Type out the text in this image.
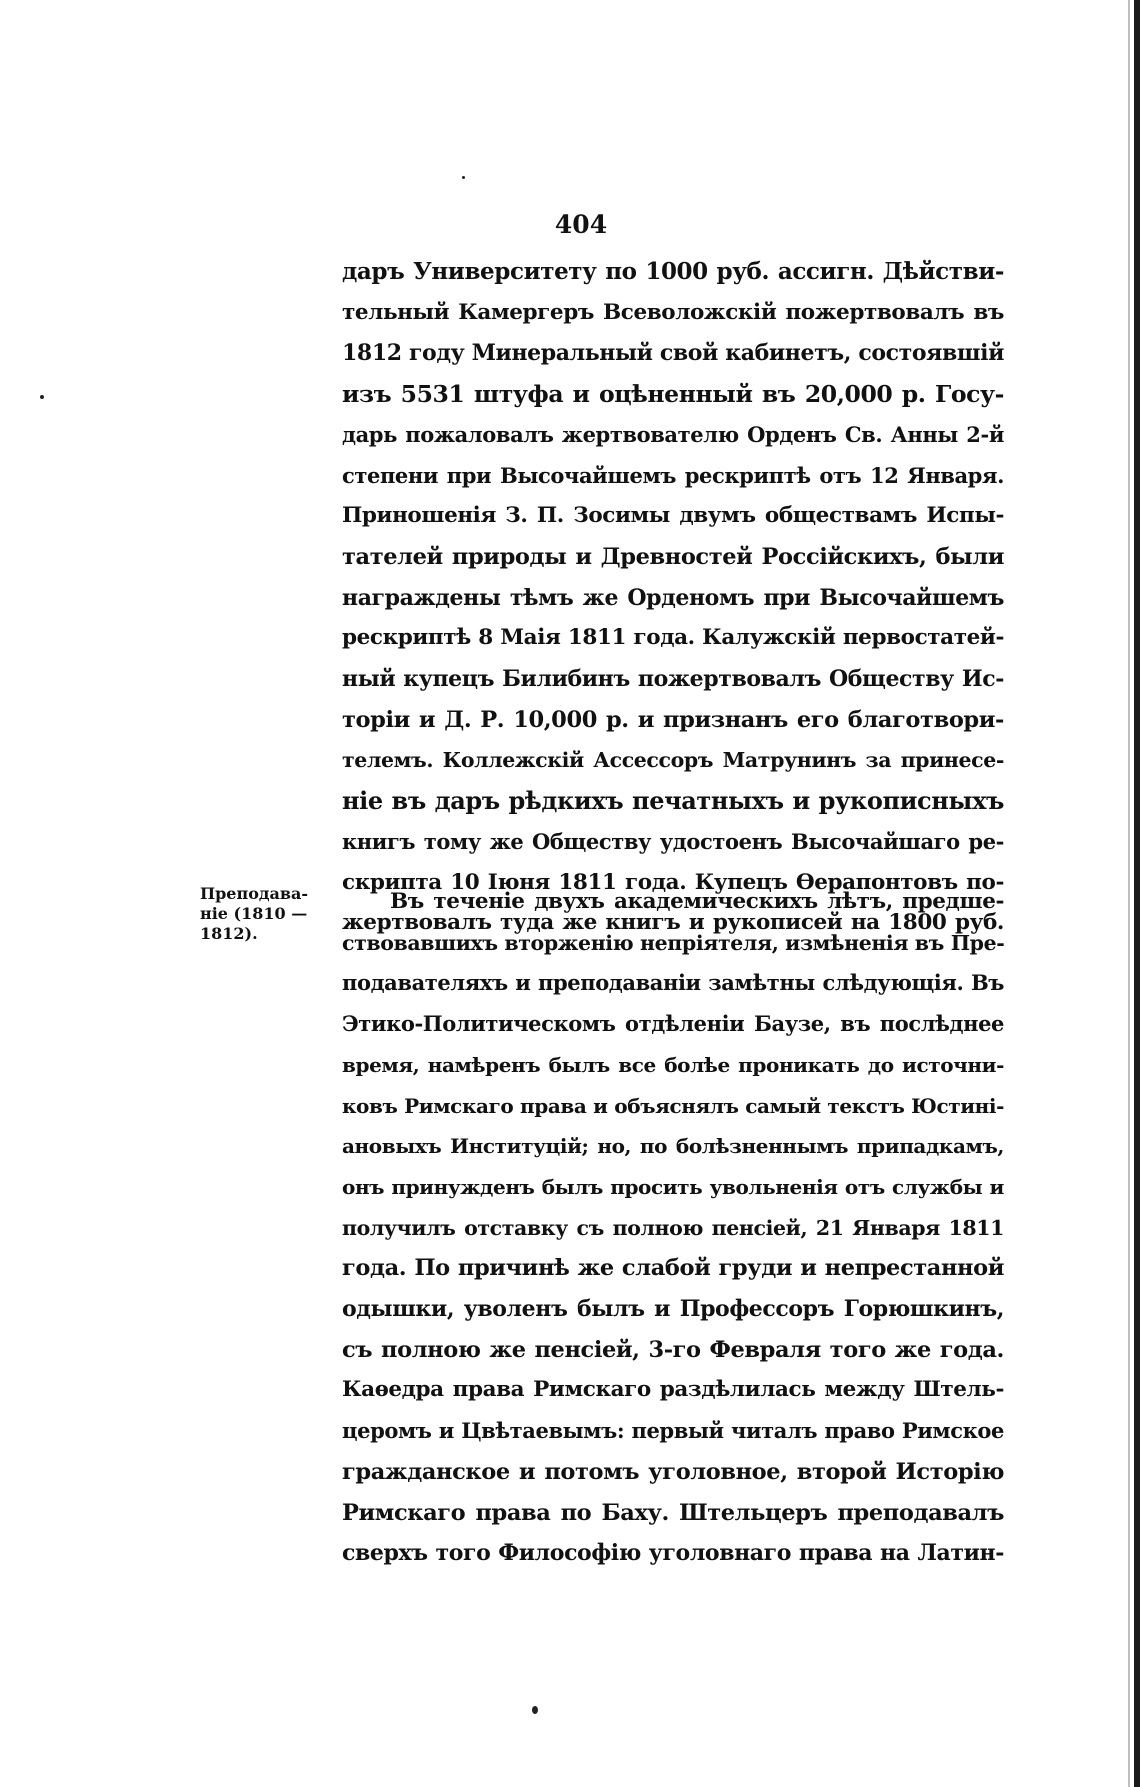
404
даръ Университету по 1000 руб. ассигн. Дѣйстви-
тельный Камергеръ Всеволожскій пожертвовалъ въ
1812 году Минеральный свой кабинетъ, состоявшій
изъ 5531 штуфа и оцѣненный въ 20,000 р. Госу-
дарь пожаловалъ жертвователю Орденъ Св. Анны 2-й
степени при Высочайшемъ рескриптѣ отъ 12 Января.
Приношенія З. П. Зосимы двумъ обществамъ Испы-
тателей природы и Древностей Россійскихъ, были
награждены тѣмъ же Орденомъ при Высочайшемъ
рескриптѣ 8 Маія 1811 года. Калужскій первостатей-
ный купецъ Билибинъ пожертвовалъ Обществу Ис-
торіи и Д. Р. 10,000 р. и признанъ его благотвори-
телемъ. Коллежскій Ассессоръ Матрунинъ за принесе-
ніе въ даръ рѣдкихъ печатныхъ и рукописныхъ
книгъ тому же Обществу удостоенъ Высочайшаго ре-
скрипта 10 Іюня 1811 года. Купецъ Ѳерапонтовъ по-
жертвовалъ туда же книгъ и рукописей на 1800 руб.
Преподава-
ніе (1810 —
1812).
Въ теченіе двухъ академическихъ лѣтъ, предше-
ствовавшихъ вторженію непріятеля, измѣненія въ Пре-
подавателяхъ и преподаваніи замѣтны слѣдующія. Въ
Этико-Политическомъ отдѣленіи Баузе, въ послѣднее
время, намѣренъ былъ все болѣе проникать до источни-
ковъ Римскаго права и объяснялъ самый текстъ Юстині-
ановыхъ Институцій; но, по болѣзненнымъ припадкамъ,
онъ принужденъ былъ просить увольненія отъ службы и
получилъ отставку съ полною пенсіей, 21 Января 1811
года. По причинѣ же слабой груди и непрестанной
одышки, уволенъ былъ и Профессоръ Горюшкинъ,
съ полною же пенсіей, 3-го Февраля того же года.
Каѳедра права Римскаго раздѣлилась между Штель-
церомъ и Цвѣтаевымъ: первый читалъ право Римское
гражданское и потомъ уголовное, второй Исторію
Римскаго права по Баху. Штельцеръ преподавалъ
сверхъ того Философію уголовнаго права на Латин-
